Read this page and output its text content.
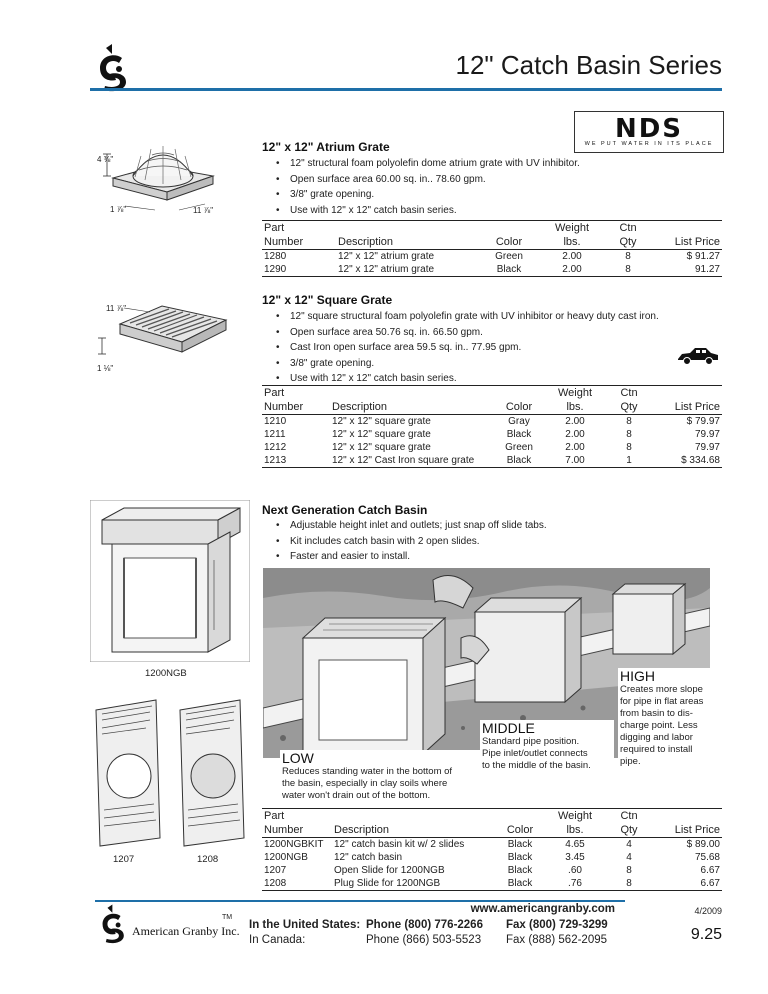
12" Catch Basin Series
NDS
WE PUT WATER IN ITS PLACE
4 ⅜"
1 ⅞"	11 ⅞"
12" x 12" Atrium Grate
• 12" structural foam polyolefin dome atrium grate with UV inhibitor.
• Open surface area 60.00 sq. in.. 78.60 gpm.
• 3/8" grate opening.
• Use with 12" x 12" catch basin series.
Part			Weight	Ctn	
Number	Description	Color	lbs.	Qty	List Price
1280	12" x 12" atrium grate	Green	2.00	8	$ 91.27
1290	12" x 12" atrium grate	Black	2.00	8	91.27
11 ⅞"
1 ⅛"
12" x 12" Square Grate
• 12" square structural foam polyolefin grate with UV inhibitor or heavy duty cast iron.
• Open surface area 50.76 sq. in. 66.50 gpm.
• Cast Iron open surface area 59.5 sq. in.. 77.95 gpm.
• 3/8" grate opening.
• Use with 12" x 12" catch basin series.
Part			Weight	Ctn	
Number	Description	Color	lbs.	Qty	List Price
1210	12" x 12" square grate	Gray	2.00	8	$ 79.97
1211	12" x 12" square grate	Black	2.00	8	79.97
1212	12" x 12" square grate	Green	2.00	8	79.97
1213	12" x 12" Cast Iron square grate	Black	7.00	1	$ 334.68
1200NGB
1207	1208
Next Generation Catch Basin
• Adjustable height inlet and outlets; just snap off slide tabs.
• Kit includes catch basin with 2 open slides.
• Faster and easier to install.
HIGH
Creates more slope
for pipe in flat areas
from basin to dis-
charge point. Less
digging and labor
required to install
pipe.
MIDDLE
Standard pipe position.
Pipe inlet/outlet connects
to the middle of the basin.
LOW
Reduces standing water in the bottom of
the basin, especially in clay soils where
water won't drain out of the bottom.
Part			Weight	Ctn	
Number	Description	Color	lbs.	Qty	List Price
1200NGBKIT	12" catch basin kit w/ 2 slides	Black	4.65	4	$ 89.00
1200NGB	12" catch basin	Black	3.45	4	75.68
1207	Open Slide for 1200NGB	Black	.60	8	6.67
1208	Plug Slide for 1200NGB	Black	.76	8	6.67
American Granby Inc.
TM
www.americangranby.com
In the United States: Phone (800) 776-2266 Fax (800) 729-3299
In Canada:	Phone (866) 503-5523 Fax (888) 562-2095
4/2009
9.25
